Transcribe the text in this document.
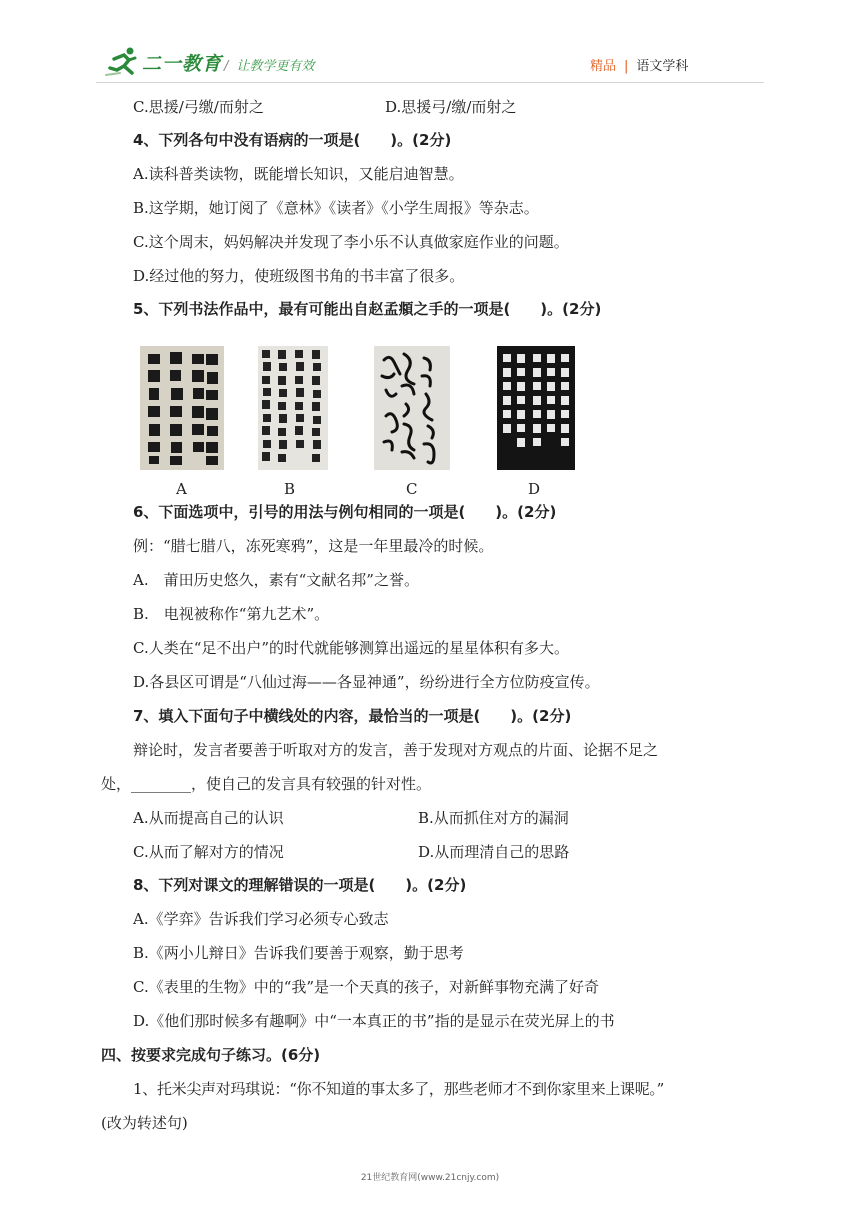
二一教育 / 让教学更有效	精品 | 语文学科
C.思援/弓缴/而射之	D.思援弓/缴/而射之
4、下列各句中没有语病的一项是(　　)。(2分)
A.读科普类读物，既能增长知识，又能启迪智慧。
B.这学期，她订阅了《意林》《读者》《小学生周报》等杂志。
C.这个周末，妈妈解决并发现了李小乐不认真做家庭作业的问题。
D.经过他的努力，使班级图书角的书丰富了很多。
5、下列书法作品中，最有可能出自赵孟頫之手的一项是(　　)。(2分)
A	B	C	D
6、下面选项中，引号的用法与例句相同的一项是(　　)。(2分)
例：“腊七腊八，冻死寒鸦”，这是一年里最冷的时候。
A.　莆田历史悠久，素有“文献名邦”之誉。
B.　电视被称作“第九艺术”。
C.人类在“足不出户”的时代就能够测算出遥远的星星体积有多大。
D.各县区可谓是“八仙过海——各显神通”，纷纷进行全方位防疫宣传。
7、填入下面句子中横线处的内容，最恰当的一项是(　　)。(2分)
辩论时，发言者要善于听取对方的发言，善于发现对方观点的片面、论据不足之
处，________，使自己的发言具有较强的针对性。
A.从而提高自己的认识	B.从而抓住对方的漏洞
C.从而了解对方的情况	D.从而理清自己的思路
8、下列对课文的理解错误的一项是(　　)。(2分)
A.《学弈》告诉我们学习必须专心致志
B.《两小儿辩日》告诉我们要善于观察，勤于思考
C.《表里的生物》中的“我”是一个天真的孩子，对新鲜事物充满了好奇
D.《他们那时候多有趣啊》中“一本真正的书”指的是显示在荧光屏上的书
四、按要求完成句子练习。(6分)
1、托米尖声对玛琪说：“你不知道的事太多了，那些老师才不到你家里来上课呢。”
(改为转述句)
21世纪教育网(www.21cnjy.com)
